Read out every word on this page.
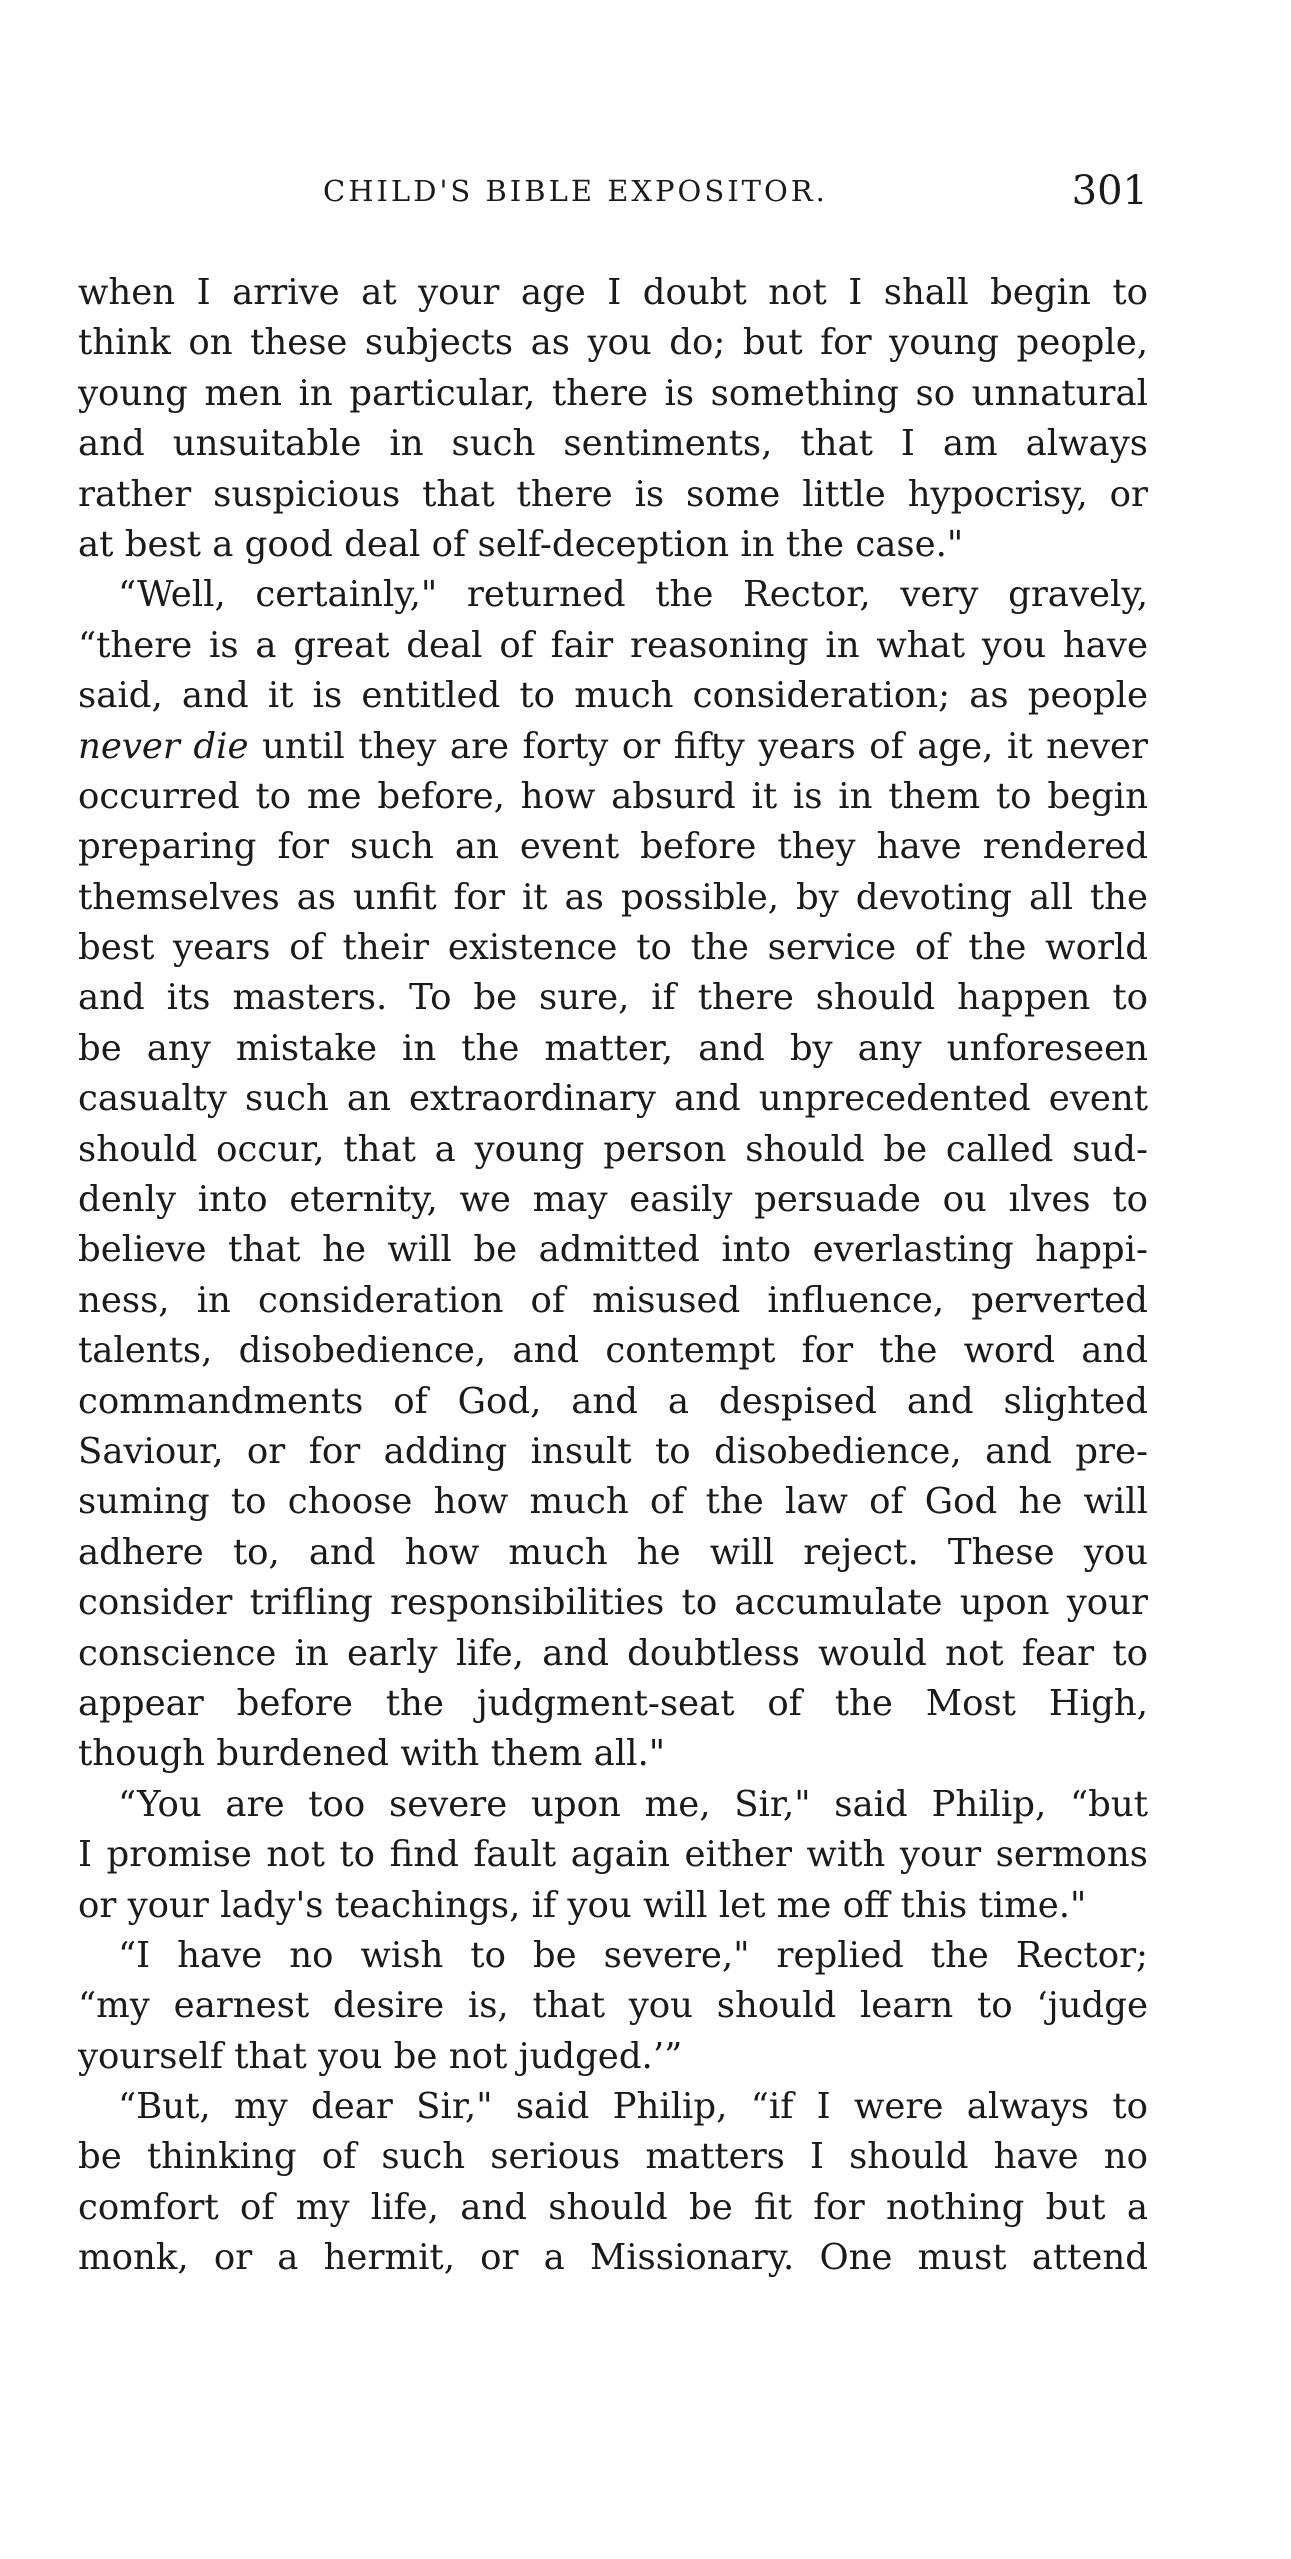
CHILD'S BIBLE EXPOSITOR.	301
when I arrive at your age I doubt not I shall begin to
think on these subjects as you do; but for young people,
young men in particular, there is something so unnatural
and unsuitable in such sentiments, that I am always
rather suspicious that there is some little hypocrisy, or
at best a good deal of self-deception in the case."
“Well, certainly," returned the Rector, very gravely,
“there is a great deal of fair reasoning in what you have
said, and it is entitled to much consideration; as people
never die until they are forty or fifty years of age, it never
occurred to me before, how absurd it is in them to begin
preparing for such an event before they have rendered
themselves as unfit for it as possible, by devoting all the
best years of their existence to the service of the world
and its masters. To be sure, if there should happen to
be any mistake in the matter, and by any unforeseen
casualty such an extraordinary and unprecedented event
should occur, that a young person should be called sud-
denly into eternity, we may easily persuade ou ılves to
believe that he will be admitted into everlasting happi-
ness, in consideration of misused influence, perverted
talents, disobedience, and contempt for the word and
commandments of God, and a despised and slighted
Saviour, or for adding insult to disobedience, and pre-
suming to choose how much of the law of God he will
adhere to, and how much he will reject. These you
consider trifling responsibilities to accumulate upon your
conscience in early life, and doubtless would not fear to
appear before the judgment-seat of the Most High,
though burdened with them all."
“You are too severe upon me, Sir," said Philip, “but
I promise not to find fault again either with your sermons
or your lady's teachings, if you will let me off this time."
“I have no wish to be severe," replied the Rector;
“my earnest desire is, that you should learn to ‘judge
yourself that you be not judged.’”
“But, my dear Sir," said Philip, “if I were always to
be thinking of such serious matters I should have no
comfort of my life, and should be fit for nothing but a
monk, or a hermit, or a Missionary. One must attend
